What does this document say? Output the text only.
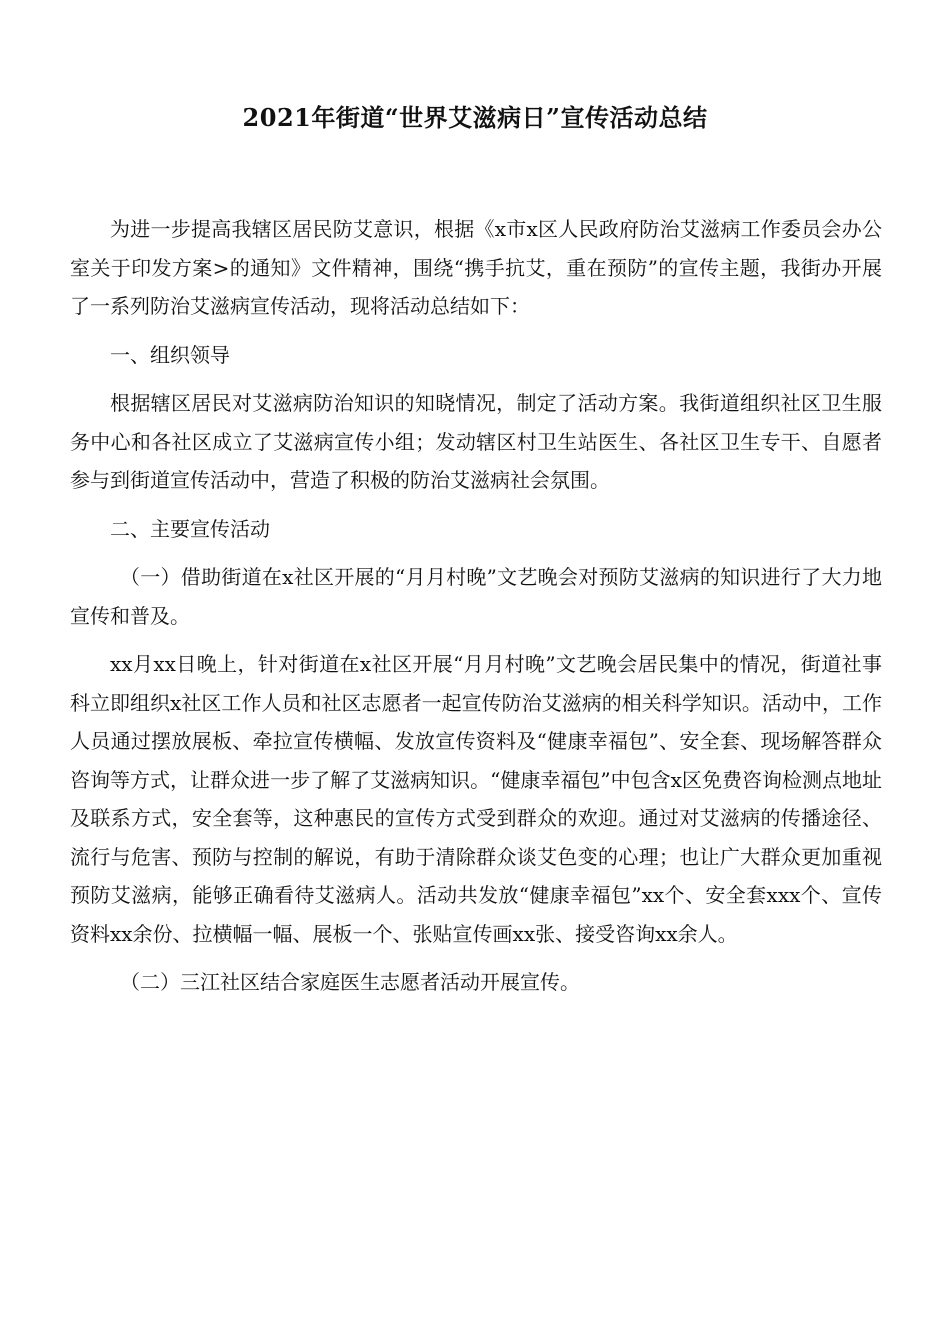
2021年街道“世界艾滋病日”宣传活动总结

为进一步提高我辖区居民防艾意识，根据《x市x区人民政府防治艾滋病工作委员会办公室关于印发方案>的通知》文件精神，围绕“携手抗艾，重在预防”的宣传主题，我街办开展了一系列防治艾滋病宣传活动，现将活动总结如下：

一、组织领导

根据辖区居民对艾滋病防治知识的知晓情况，制定了活动方案。我街道组织社区卫生服务中心和各社区成立了艾滋病宣传小组；发动辖区村卫生站医生、各社区卫生专干、自愿者参与到街道宣传活动中，营造了积极的防治艾滋病社会氛围。

二、主要宣传活动

（一）借助街道在x社区开展的“月月村晚”文艺晚会对预防艾滋病的知识进行了大力地宣传和普及。

xx月xx日晚上，针对街道在x社区开展“月月村晚”文艺晚会居民集中的情况，街道社事科立即组织x社区工作人员和社区志愿者一起宣传防治艾滋病的相关科学知识。活动中，工作人员通过摆放展板、牵拉宣传横幅、发放宣传资料及“健康幸福包”、安全套、现场解答群众咨询等方式，让群众进一步了解了艾滋病知识。“健康幸福包”中包含x区免费咨询检测点地址及联系方式，安全套等，这种惠民的宣传方式受到群众的欢迎。通过对艾滋病的传播途径、流行与危害、预防与控制的解说，有助于清除群众谈艾色变的心理；也让广大群众更加重视预防艾滋病，能够正确看待艾滋病人。活动共发放“健康幸福包”xx个、安全套xxx个、宣传资料xx余份、拉横幅一幅、展板一个、张贴宣传画xx张、接受咨询xx余人。

（二）三江社区结合家庭医生志愿者活动开展宣传。
